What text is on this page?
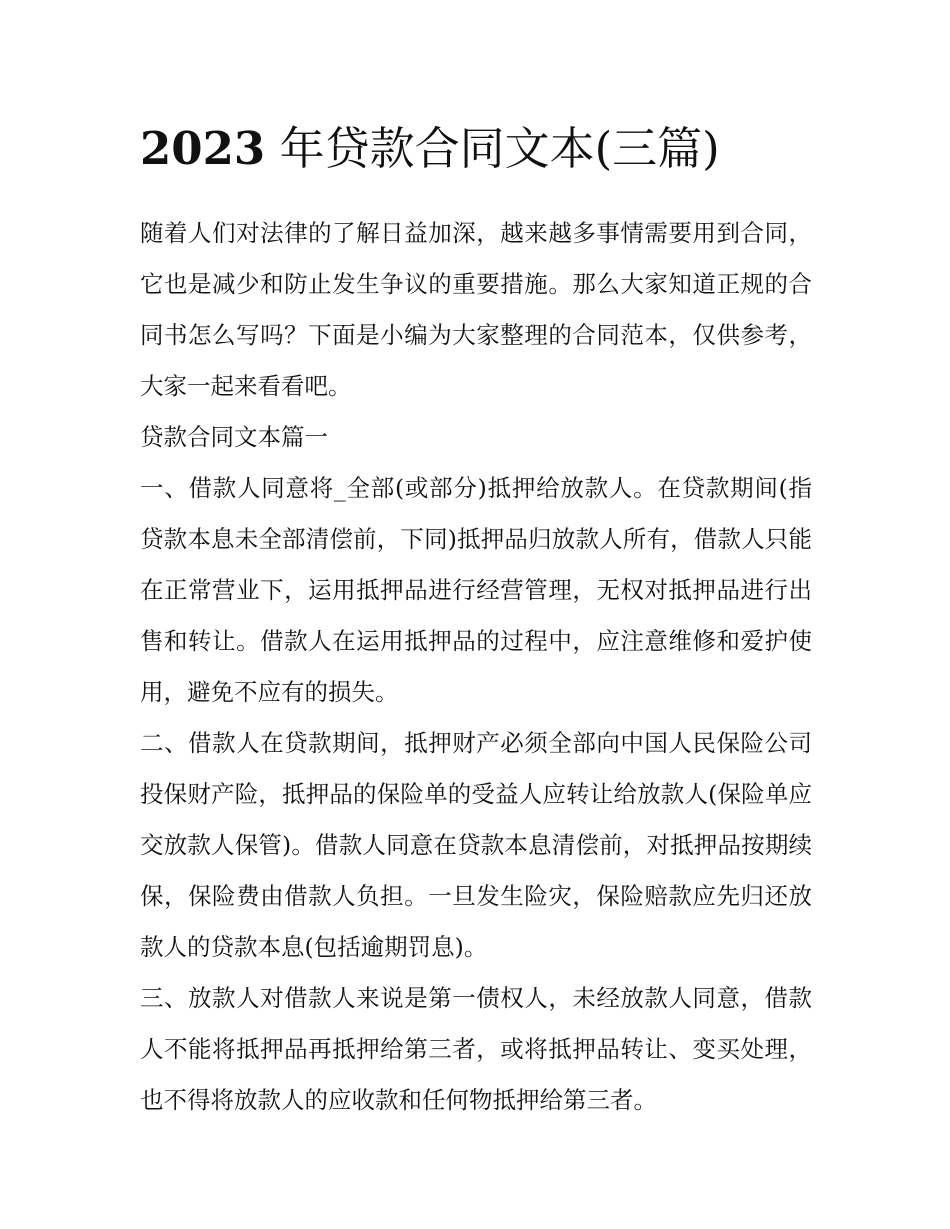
2023 年贷款合同文本(三篇)

随着人们对法律的了解日益加深，越来越多事情需要用到合同，它也是减少和防止发生争议的重要措施。那么大家知道正规的合同书怎么写吗？下面是小编为大家整理的合同范本，仅供参考，大家一起来看看吧。

贷款合同文本篇一

一、借款人同意将_全部(或部分)抵押给放款人。在贷款期间(指贷款本息未全部清偿前，下同)抵押品归放款人所有，借款人只能在正常营业下，运用抵押品进行经营管理，无权对抵押品进行出售和转让。借款人在运用抵押品的过程中，应注意维修和爱护使用，避免不应有的损失。

二、借款人在贷款期间，抵押财产必须全部向中国人民保险公司投保财产险，抵押品的保险单的受益人应转让给放款人(保险单应交放款人保管)。借款人同意在贷款本息清偿前，对抵押品按期续保，保险费由借款人负担。一旦发生险灾，保险赔款应先归还放款人的贷款本息(包括逾期罚息)。

三、放款人对借款人来说是第一债权人，未经放款人同意，借款人不能将抵押品再抵押给第三者，或将抵押品转让、变买处理，也不得将放款人的应收款和任何物抵押给第三者。
